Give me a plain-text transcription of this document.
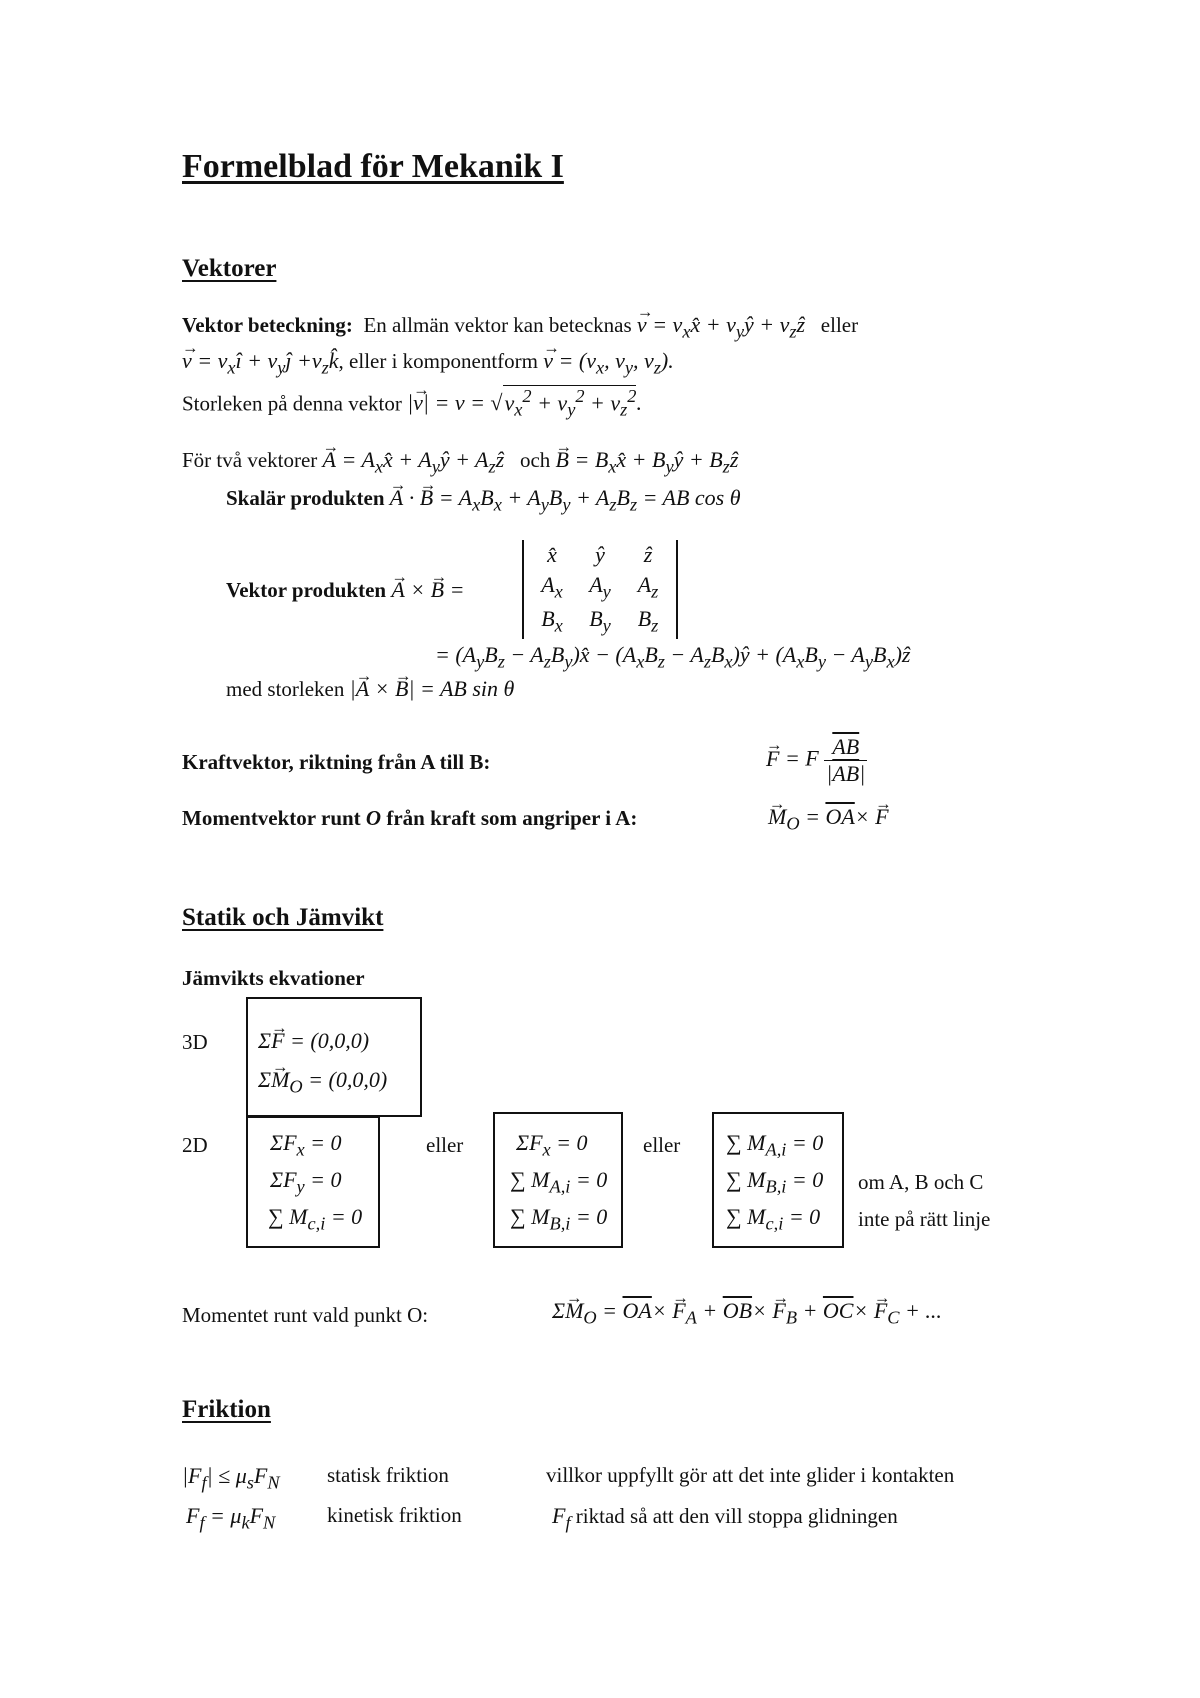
Formelblad för Mekanik I
Vektorer
Vektor beteckning: En allmän vektor kan betecknas v → = $v_xx̂$ + $v_yŷ$ + $v_zẑ$ eller
v → = $v_xî$ + $v_yĵ$ $+v_zk̂$, eller i komponentform v → = ($v_x$, $v_y$, $v_z$).
Storleken på denna vektor |v →| = $v = √v_x^2 + v_y^2 + v_z^2$.
För två vektorer A → = $A_xx̂$ + $A_yŷ$ + $A_zẑ$ och B → = $B_xx̂$ + $B_yŷ$ + $B_zẑ$
Skalär produkten A → · B → = $A_xB_x + A_yB_y + A_zB_z$ = AB cos θ
Vektor produkten A → × B → =
x̂	ŷ	ẑ
$A_x$	$A_y$	$A_z$
$B_x$	$B_y$	$B_z$
= ($A_yB_z$ − $A_zB_y)x̂ - (A_xB_z$ − $A_zB_x)ŷ + (A_xB_y$ − $A_yB_x)ẑ$
med storleken |A → × B →| = AB sin θ
Kraftvektor, riktning från A till B:	F → = F $\frac{\overline{AB}}{|\overline{AB}|}$
Momentvektor runt O från kraft som angriper i A:	$M \to_O = \overline{OA}\times F$ →
Statik och Jämvikt
Jämvikts ekvationer
3D ΣF → = (0,0,0)
$\Sigma M \to_O = (0,0,0)$
2D	$\Sigma F_x = 0$
$\Sigma F_y = 0$
∑ $M_{c,i} = 0$
eller $\Sigma F_x = 0$
∑ $M_{A,i} = 0$
∑ $M_{B,i} = 0$
eller ∑ $M_{A,i} = 0$
∑ $M_{B,i} = 0$
∑ $M_{c,i} = 0$
om A, B och C
inte på rätt linje
Momentet runt vald punkt O:	$\Sigma M \to_O = \overline{OA}\times F \to_A + \overline{OB}\times F \to_B + \overline{OC}\times F \to_C$ + ...
Friktion
$|F_f| \le \mu_sF_N$ statisk friktion	villkor uppfyllt gör att det inte glider i kontakten
$F_f = \mu_kF_N$ kinetisk friktion	$F_f$ riktad så att den vill stoppa glidningen
